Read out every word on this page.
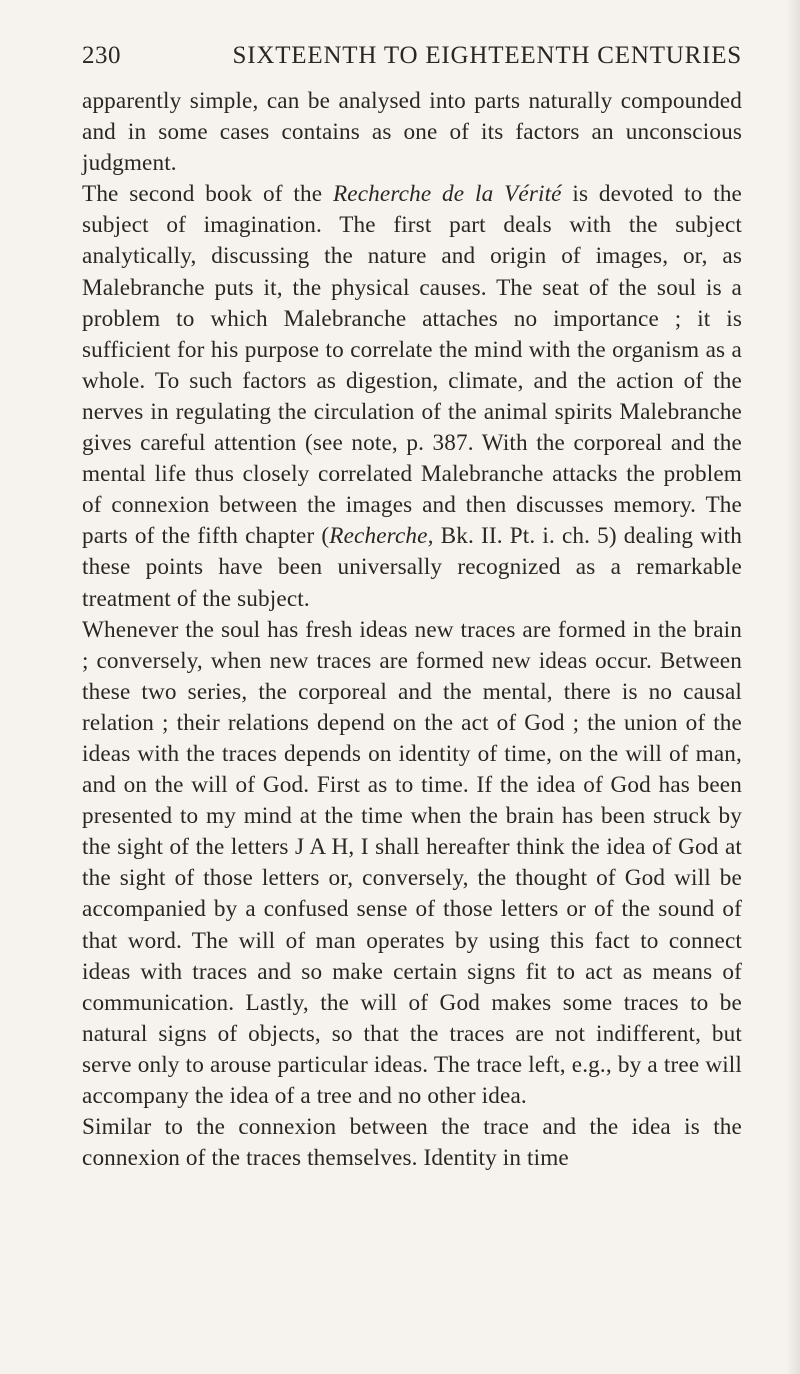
230	SIXTEENTH TO EIGHTEENTH CENTURIES

apparently simple, can be analysed into parts naturally compounded and in some cases contains as one of its factors an unconscious judgment.

The second book of the Recherche de la Vérité is devoted to the subject of imagination. The first part deals with the subject analytically, discussing the nature and origin of images, or, as Malebranche puts it, the physical causes. The seat of the soul is a problem to which Malebranche attaches no importance ; it is sufficient for his purpose to correlate the mind with the organism as a whole. To such factors as digestion, climate, and the action of the nerves in regulating the circulation of the animal spirits Malebranche gives careful attention (see note, p. 387. With the corporeal and the mental life thus closely correlated Malebranche attacks the problem of connexion between the images and then discusses memory. The parts of the fifth chapter (Recherche, Bk. II. Pt. i. ch. 5) dealing with these points have been universally recognized as a remarkable treatment of the subject.

Whenever the soul has fresh ideas new traces are formed in the brain ; conversely, when new traces are formed new ideas occur. Between these two series, the corporeal and the mental, there is no causal relation ; their relations depend on the act of God ; the union of the ideas with the traces depends on identity of time, on the will of man, and on the will of God. First as to time. If the idea of God has been presented to my mind at the time when the brain has been struck by the sight of the letters J A H, I shall hereafter think the idea of God at the sight of those letters or, conversely, the thought of God will be accompanied by a confused sense of those letters or of the sound of that word. The will of man operates by using this fact to connect ideas with traces and so make certain signs fit to act as means of communication. Lastly, the will of God makes some traces to be natural signs of objects, so that the traces are not indifferent, but serve only to arouse particular ideas. The trace left, e.g., by a tree will accompany the idea of a tree and no other idea.

Similar to the connexion between the trace and the idea is the connexion of the traces themselves. Identity in time
